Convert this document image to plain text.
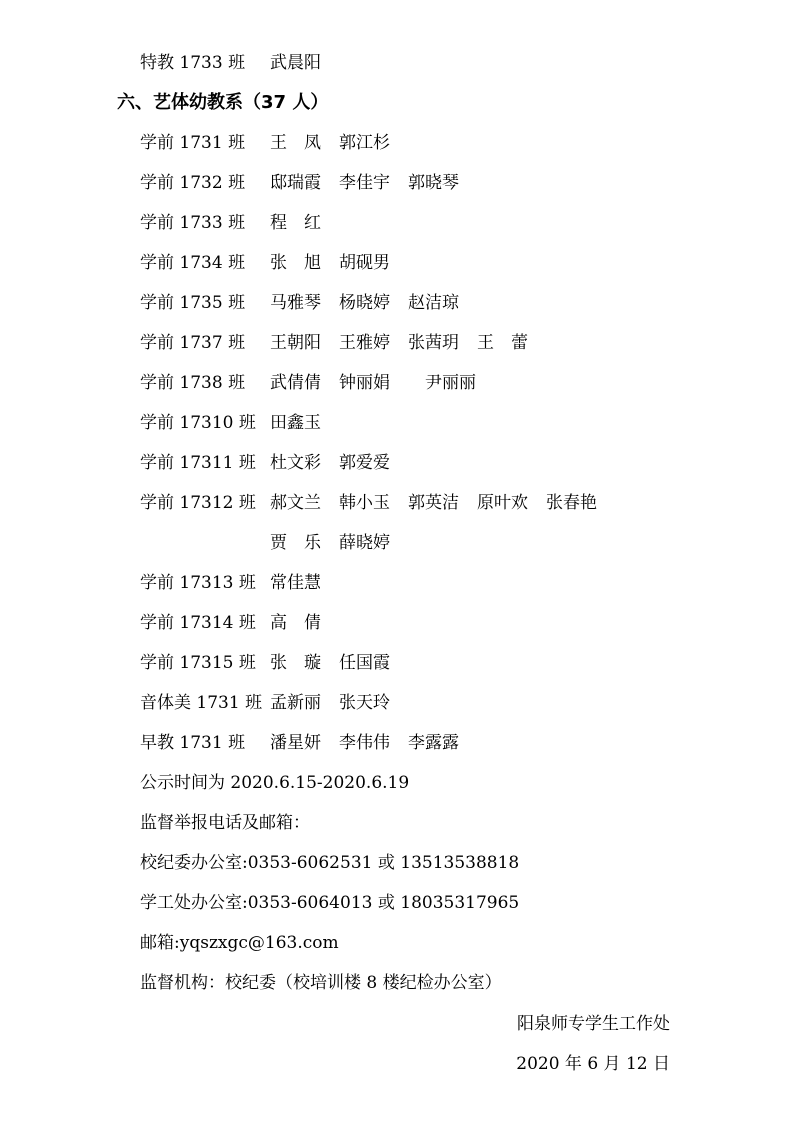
特教 1733 班 武晨阳
六、艺体幼教系（37 人）
学前 1731 班 王　凤 郭江杉
学前 1732 班 邸瑞霞 李佳宇 郭晓琴
学前 1733 班 程　红
学前 1734 班 张　旭 胡砚男
学前 1735 班 马雅琴 杨晓婷 赵洁琼
学前 1737 班 王朝阳 王雅婷 张茜玥 王　蕾
学前 1738 班 武倩倩 钟丽娟　尹丽丽
学前 17310 班 田鑫玉
学前 17311 班 杜文彩 郭爱爱
学前 17312 班 郝文兰 韩小玉 郭英洁 原叶欢 张春艳
贾　乐 薛晓婷
学前 17313 班 常佳慧
学前 17314 班 高　倩
学前 17315 班 张　璇 任国霞
音体美 1731 班 孟新丽 张天玲
早教 1731 班 潘星妍 李伟伟 李露露
公示时间为 2020.6.15-2020.6.19
监督举报电话及邮箱：
校纪委办公室:0353-6062531 或 13513538818
学工处办公室:0353-6064013 或 18035317965
邮箱:yqszxgc@163.com
监督机构：校纪委（校培训楼 8 楼纪检办公室）
阳泉师专学生工作处
2020 年 6 月 12 日
